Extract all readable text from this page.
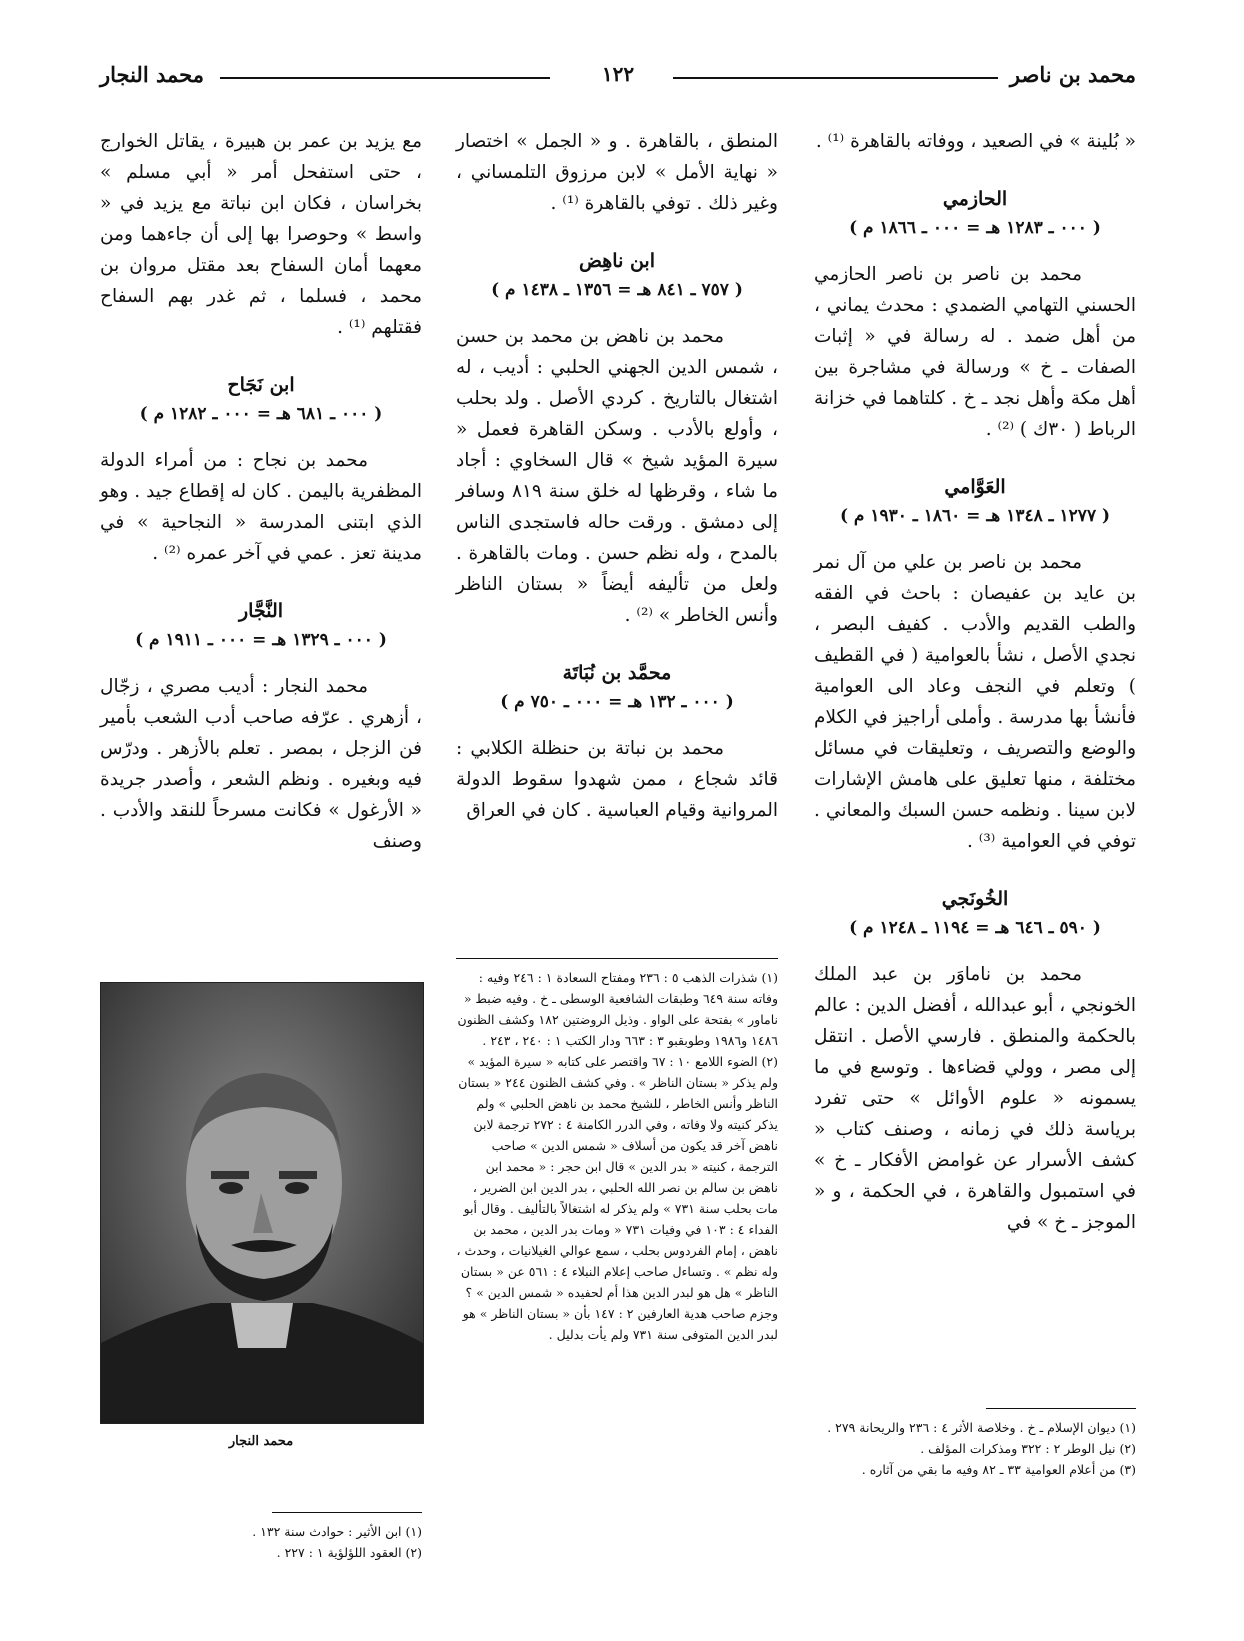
محمد بن ناصر
١٢٢
محمد النجار

« بُلينة » في الصعيد ، ووفاته بالقاهرة ⁽¹⁾ .

الحازمي
( ٠٠٠ ـ ١٢٨٣ هـ = ٠٠٠ ـ ١٨٦٦ م )

محمد بن ناصر بن ناصر الحازمي الحسني التهامي الضمدي : محدث يماني ، من أهل ضمد . له رسالة في « إثبات الصفات ـ خ » ورسالة في مشاجرة بين أهل مكة وأهل نجد ـ خ . كلتاهما في خزانة الرباط ( ٣٠ك ) ⁽²⁾ .

العَوَّامي
( ١٢٧٧ ـ ١٣٤٨ هـ = ١٨٦٠ ـ ١٩٣٠ م )

محمد بن ناصر بن علي من آل نمر بن عايد بن عفيصان : باحث في الفقه والطب القديم والأدب . كفيف البصر ، نجدي الأصل ، نشأ بالعوامية ( في القطيف ) وتعلم في النجف وعاد الى العوامية فأنشأ بها مدرسة . وأملى أراجيز في الكلام والوضع والتصريف ، وتعليقات في مسائل مختلفة ، منها تعليق على هامش الإشارات لابن سينا . ونظمه حسن السبك والمعاني . توفي في العوامية ⁽³⁾ .

الخُونَجي
( ٥٩٠ ـ ٦٤٦ هـ = ١١٩٤ ـ ١٢٤٨ م )

محمد بن ناماوَر بن عبد الملك الخونجي ، أبو عبدالله ، أفضل الدين : عالم بالحكمة والمنطق . فارسي الأصل . انتقل إلى مصر ، وولي قضاءها . وتوسع في ما يسمونه « علوم الأوائل » حتى تفرد برياسة ذلك في زمانه ، وصنف كتاب « كشف الأسرار عن غوامض الأفكار ـ خ » في استمبول والقاهرة ، في الحكمة ، و « الموجز ـ خ » في

المنطق ، بالقاهرة . و « الجمل » اختصار « نهاية الأمل » لابن مرزوق التلمساني ، وغير ذلك . توفي بالقاهرة ⁽¹⁾ .

ابن ناهِض
( ٧٥٧ ـ ٨٤١ هـ = ١٣٥٦ ـ ١٤٣٨ م )

محمد بن ناهض بن محمد بن حسن ، شمس الدين الجهني الحلبي : أديب ، له اشتغال بالتاريخ . كردي الأصل . ولد بحلب ، وأولع بالأدب . وسكن القاهرة فعمل « سيرة المؤيد شيخ » قال السخاوي : أجاد ما شاء ، وقرظها له خلق سنة ٨١٩ وسافر إلى دمشق . ورقت حاله فاستجدى الناس بالمدح ، وله نظم حسن . ومات بالقاهرة . ولعل من تأليفه أيضاً « بستان الناظر وأنس الخاطر » ⁽²⁾ .

محمَّد بن نُبَاتَة
( ٠٠٠ ـ ١٣٢ هـ = ٠٠٠ ـ ٧٥٠ م )

محمد بن نباتة بن حنظلة الكلابي : قائد شجاع ، ممن شهدوا سقوط الدولة المروانية وقيام العباسية . كان في العراق

مع يزيد بن عمر بن هبيرة ، يقاتل الخوارج ، حتى استفحل أمر « أبي مسلم » بخراسان ، فكان ابن نباتة مع يزيد في « واسط » وحوصرا بها إلى أن جاءهما ومن معهما أمان السفاح بعد مقتل مروان بن محمد ، فسلما ، ثم غدر بهم السفاح فقتلهم ⁽¹⁾ .

ابن نَجَاح
( ٠٠٠ ـ ٦٨١ هـ = ٠٠٠ ـ ١٢٨٢ م )

محمد بن نجاح : من أمراء الدولة المظفرية باليمن . كان له إقطاع جيد . وهو الذي ابتنى المدرسة « النجاحية » في مدينة تعز . عمي في آخر عمره ⁽²⁾ .

النَّجَّار
( ٠٠٠ ـ ١٣٢٩ هـ = ٠٠٠ ـ ١٩١١ م )

محمد النجار : أديب مصري ، زجّال ، أزهري . عرّفه صاحب أدب الشعب بأمير فن الزجل ، بمصر . تعلم بالأزهر . ودرّس فيه وبغيره . ونظم الشعر ، وأصدر جريدة « الأرغول » فكانت مسرحاً للنقد والأدب . وصنف

محمد النجار

(١) ديوان الإسلام ـ خ . وخلاصة الأثر ٤ : ٢٣٦ والريحانة ٢٧٩ .

(٢) نيل الوطر ٢ : ٣٢٢ ومذكرات المؤلف .

(٣) من أعلام العوامية ٣٣ ـ ٨٢ وفيه ما بقي من آثاره .

(١) شذرات الذهب ٥ : ٢٣٦ ومفتاح السعادة ١ : ٢٤٦ وفيه : وفاته سنة ٦٤٩ وطبقات الشافعية الوسطى ـ خ . وفيه ضبط « ناماور » بفتحة على الواو . وذيل الروضتين ١٨٢ وكشف الظنون ١٤٨٦ و١٩٨٦ وطوبقبو ٣ : ٦٦٣ ودار الكتب ١ : ٢٤٠ ، ٢٤٣ .

(٢) الضوء اللامع ١٠ : ٦٧ واقتصر على كتابه « سيرة المؤيد » ولم يذكر « بستان الناظر » . وفي كشف الظنون ٢٤٤ « بستان الناظر وأنس الخاطر ، للشيخ محمد بن ناهض الحلبي » ولم يذكر كنيته ولا وفاته ، وفي الدرر الكامنة ٤ : ٢٧٢ ترجمة لابن ناهض آخر قد يكون من أسلاف « شمس الدين » صاحب الترجمة ، كنيته « بدر الدين » قال ابن حجر : « محمد ابن ناهض بن سالم بن نصر الله الحلبي ، بدر الدين ابن الضرير ، مات بحلب سنة ٧٣١ » ولم يذكر له اشتغالاً بالتأليف . وقال أبو الفداء ٤ : ١٠٣ في وفيات ٧٣١ « ومات بدر الدين ، محمد بن ناهض ، إمام الفردوس بحلب ، سمع عوالي الغيلانيات ، وحدث ، وله نظم » . وتساءل صاحب إعلام النبلاء ٤ : ٥٦١ عن « بستان الناظر » هل هو لبدر الدين هذا أم لحفيده « شمس الدين » ؟ وجزم صاحب هدية العارفين ٢ : ١٤٧ بأن « بستان الناظر » هو لبدر الدين المتوفى سنة ٧٣١ ولم يأت بدليل .

(١) ابن الأثير : حوادث سنة ١٣٢ .

(٢) العقود اللؤلؤية ١ : ٢٢٧ .
